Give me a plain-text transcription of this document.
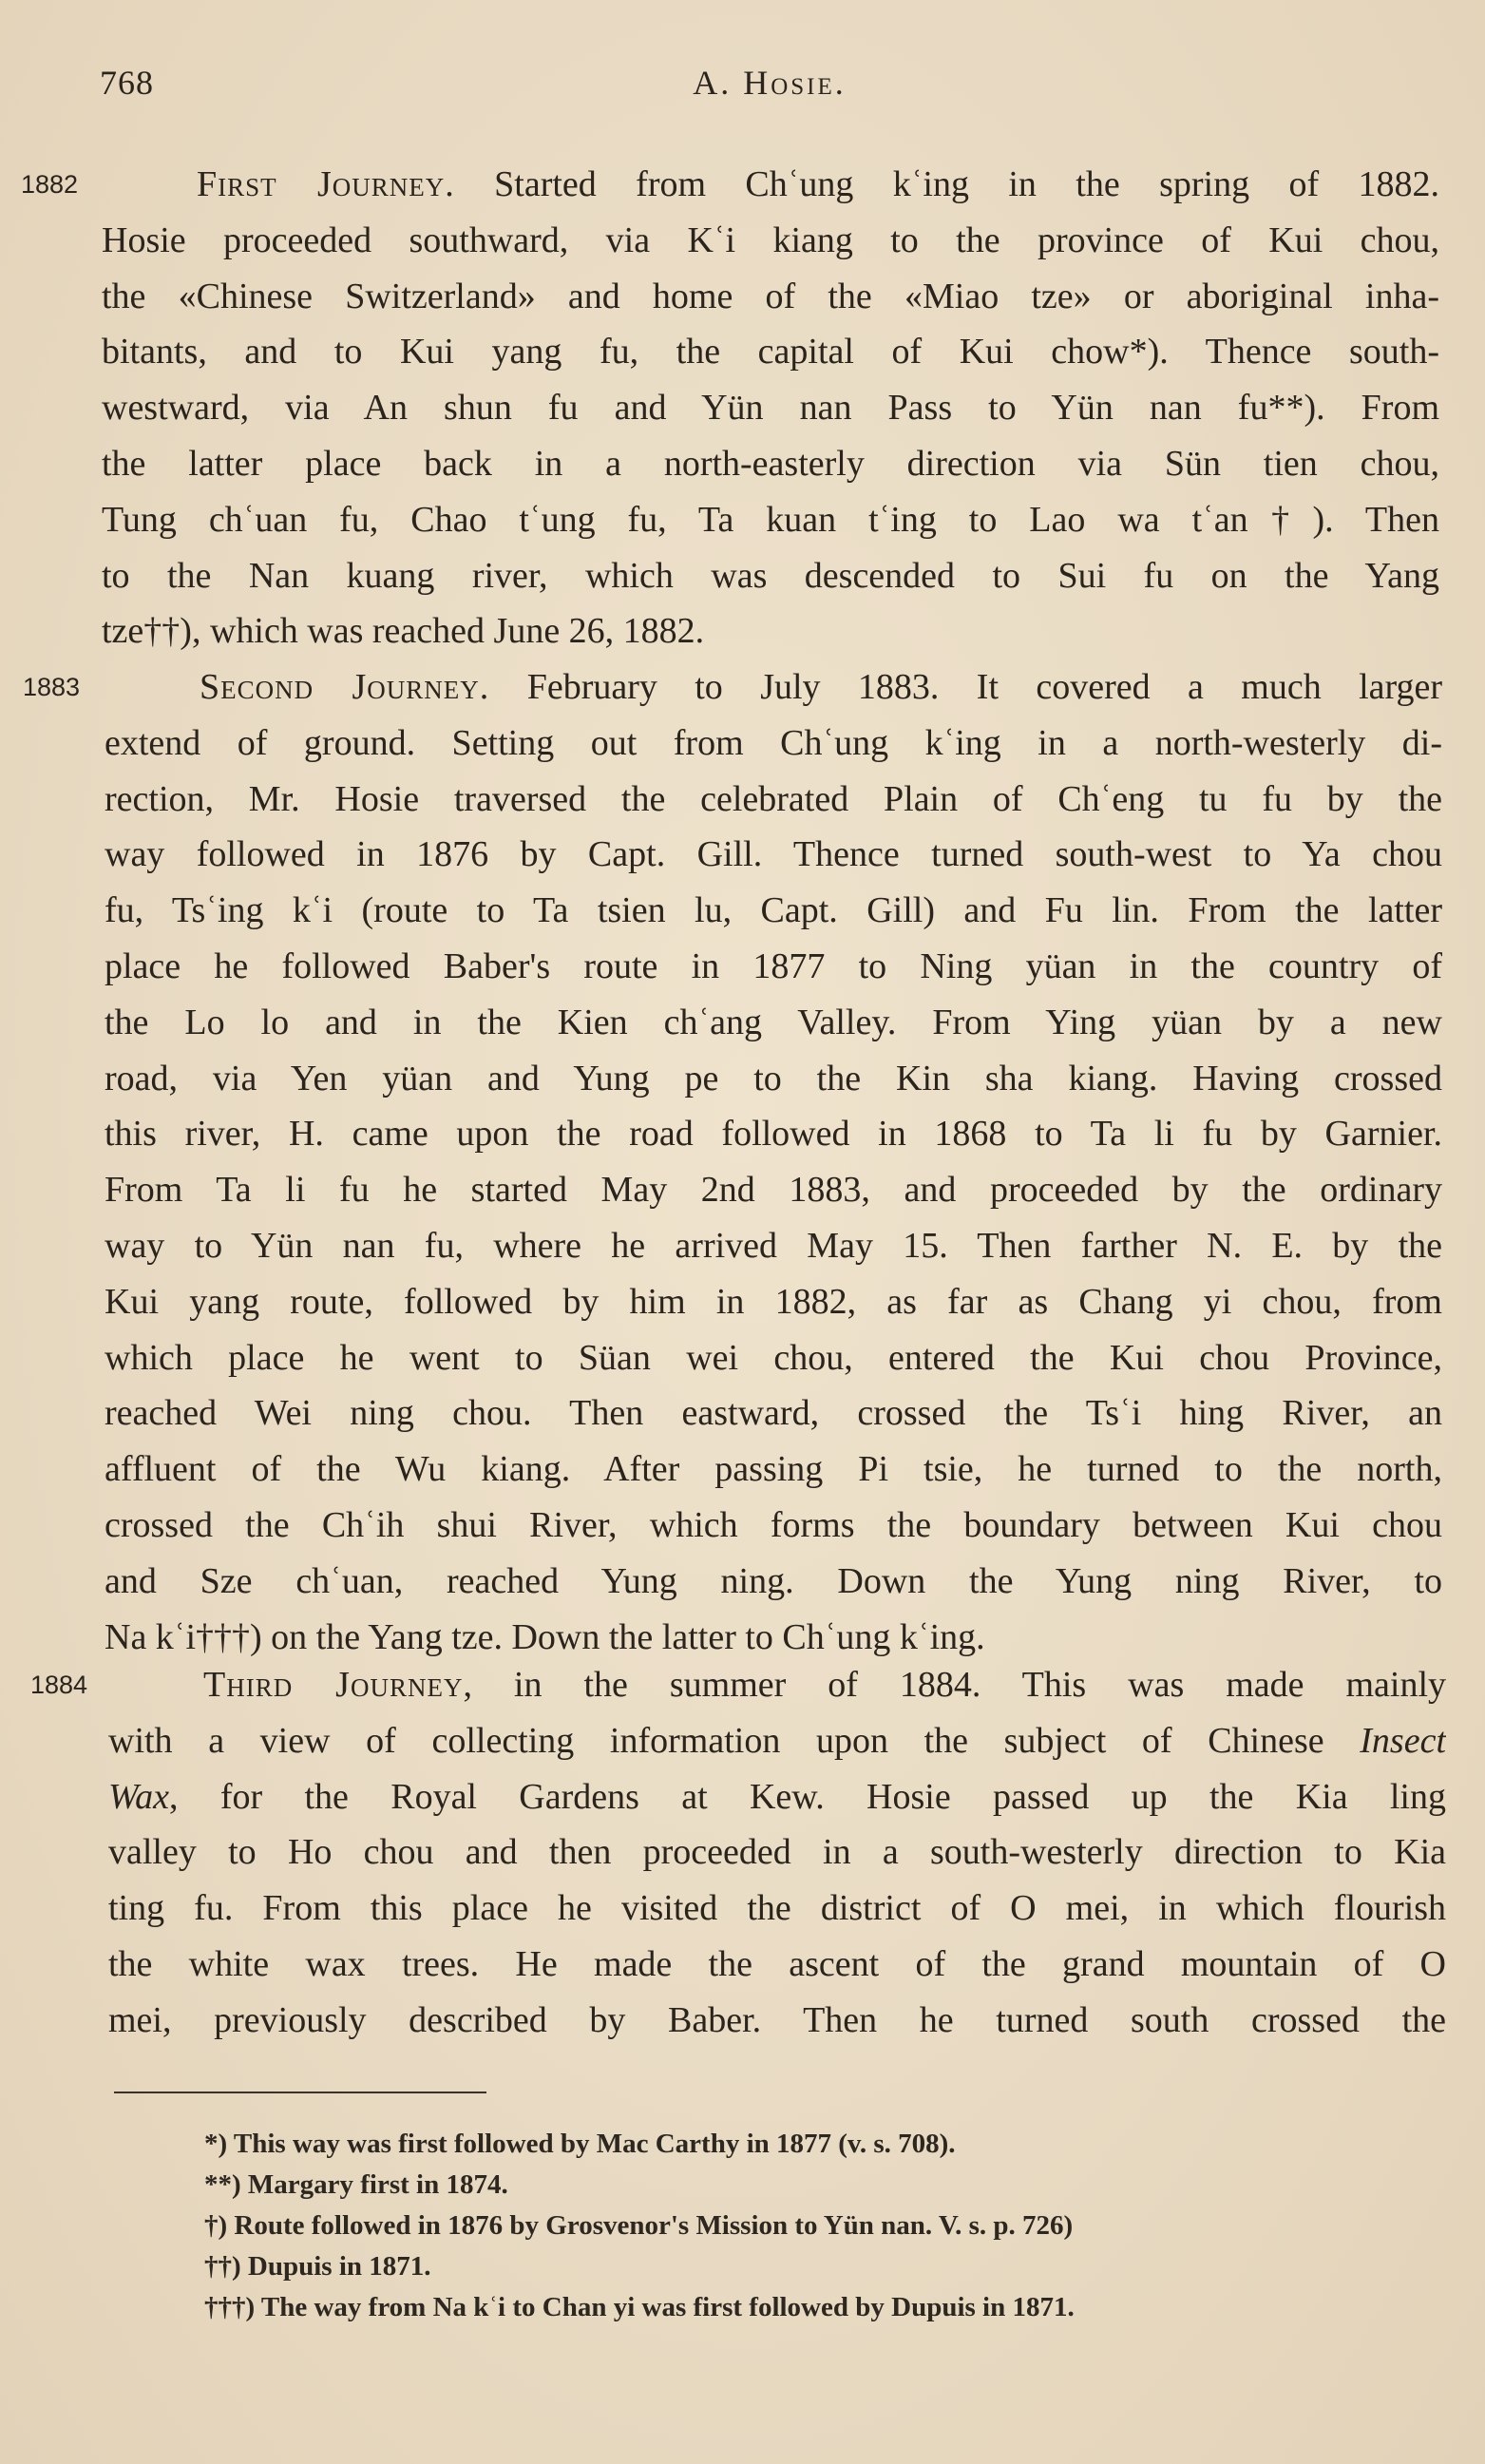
768	A. Hosie.
1882	First Journey. Started from Chʿung kʿing in the spring of 1882.
Hosie proceeded southward, via Kʿi kiang to the province of Kui chou,
the «Chinese Switzerland» and home of the «Miao tze» or aboriginal inha-
bitants, and to Kui yang fu, the capital of Kui chow*). Thence south-
westward, via An shun fu and Yün nan Pass to Yün nan fu**). From
the latter place back in a north-easterly direction via Sün tien chou,
Tung chʿuan fu, Chao tʿung fu, Ta kuan tʿing to Lao wa tʿan†). Then
to the Nan kuang river, which was descended to Sui fu on the Yang
tze††), which was reached June 26, 1882.
1883	Second Journey. February to July 1883. It covered a much larger
extend of ground. Setting out from Chʿung kʿing in a north-westerly di-
rection, Mr. Hosie traversed the celebrated Plain of Chʿeng tu fu by the
way followed in 1876 by Capt. Gill. Thence turned south-west to Ya chou
fu, Tsʿing kʿi (route to Ta tsien lu, Capt. Gill) and Fu lin. From the latter
place he followed Baber's route in 1877 to Ning yüan in the country of
the Lo lo and in the Kien chʿang Valley. From Ying yüan by a new
road, via Yen yüan and Yung pe to the Kin sha kiang. Having crossed
this river, H. came upon the road followed in 1868 to Ta li fu by Garnier.
From Ta li fu he started May 2nd 1883, and proceeded by the ordinary
way to Yün nan fu, where he arrived May 15. Then farther N. E. by the
Kui yang route, followed by him in 1882, as far as Chang yi chou, from
which place he went to Süan wei chou, entered the Kui chou Province,
reached Wei ning chou. Then eastward, crossed the Tsʿi hing River, an
affluent of the Wu kiang. After passing Pi tsie, he turned to the north,
crossed the Chʿih shui River, which forms the boundary between Kui chou
and Sze chʿuan, reached Yung ning. Down the Yung ning River, to
Na kʿi†††) on the Yang tze. Down the latter to Chʿung kʿing.
1884	Third Journey, in the summer of 1884. This was made mainly
with a view of collecting information upon the subject of Chinese Insect
Wax, for the Royal Gardens at Kew. Hosie passed up the Kia ling
valley to Ho chou and then proceeded in a south-westerly direction to Kia
ting fu. From this place he visited the district of O mei, in which flourish
the white wax trees. He made the ascent of the grand mountain of O
mei, previously described by Baber. Then he turned south crossed the
*) This way was first followed by Mac Carthy in 1877 (v. s. 708).
**) Margary first in 1874.
†) Route followed in 1876 by Grosvenor's Mission to Yün nan. V. s. p. 726)
††) Dupuis in 1871.
†††) The way from Na kʿi to Chan yi was first followed by Dupuis in 1871.
